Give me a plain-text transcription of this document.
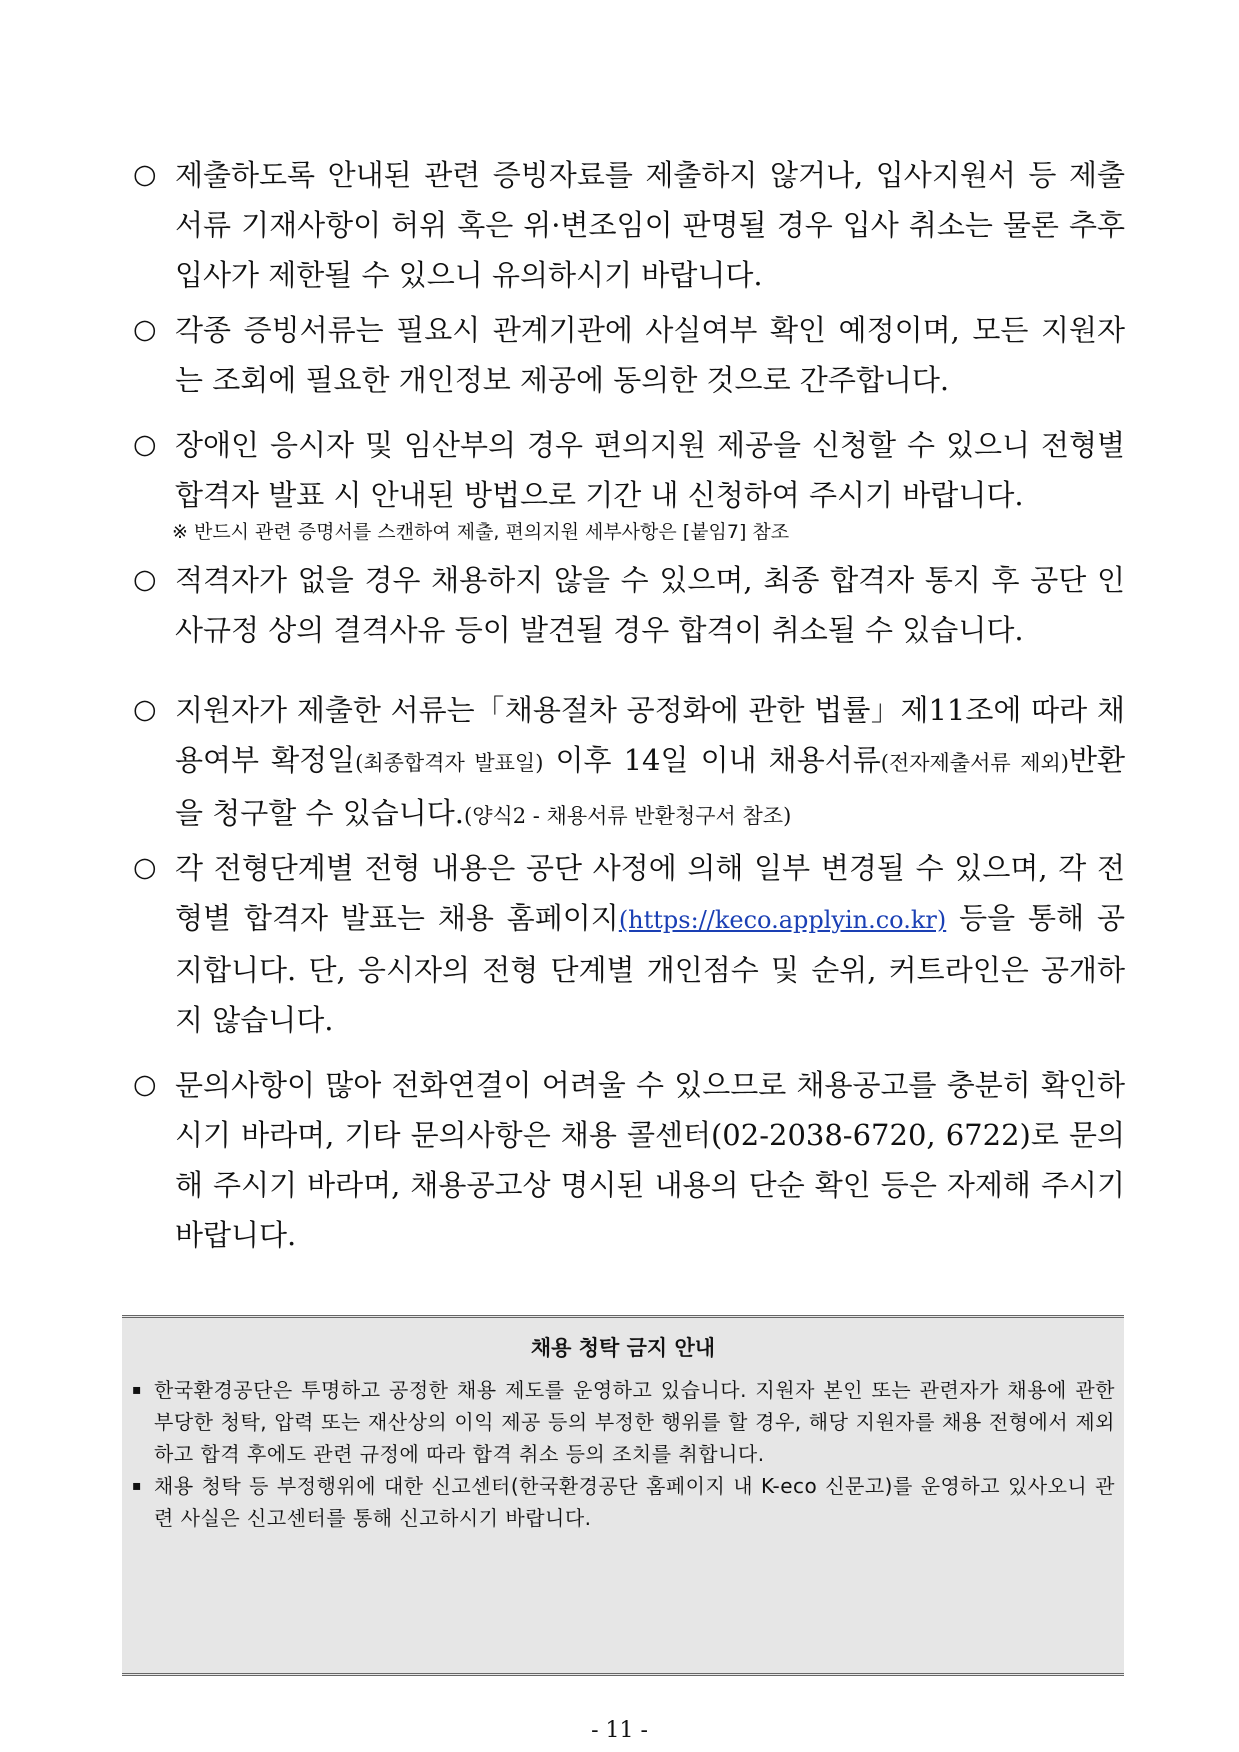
○ 제출하도록 안내된 관련 증빙자료를 제출하지 않거나, 입사지원서 등 제출서류 기재사항이 허위 혹은 위·변조임이 판명될 경우 입사 취소는 물론 추후 입사가 제한될 수 있으니 유의하시기 바랍니다.
○ 각종 증빙서류는 필요시 관계기관에 사실여부 확인 예정이며, 모든 지원자는 조회에 필요한 개인정보 제공에 동의한 것으로 간주합니다.
○ 장애인 응시자 및 임산부의 경우 편의지원 제공을 신청할 수 있으니 전형별 합격자 발표 시 안내된 방법으로 기간 내 신청하여 주시기 바랍니다.
○ 적격자가 없을 경우 채용하지 않을 수 있으며, 최종 합격자 통지 후 공단 인사규정 상의 결격사유 등이 발견될 경우 합격이 취소될 수 있습니다.
○ 지원자가 제출한 서류는「채용절차 공정화에 관한 법률」제11조에 따라 채용여부 확정일(최종합격자 발표일) 이후 14일 이내 채용서류(전자제출서류 제외)반환을 청구할 수 있습니다.(양식2 - 채용서류 반환청구서 참조)
○ 각 전형단계별 전형 내용은 공단 사정에 의해 일부 변경될 수 있으며, 각 전형별 합격자 발표는 채용 홈페이지(https://keco.applyin.co.kr) 등을 통해 공지합니다. 단, 응시자의 전형 단계별 개인점수 및 순위, 커트라인은 공개하지 않습니다.
○ 문의사항이 많아 전화연결이 어려울 수 있으므로 채용공고를 충분히 확인하시기 바라며, 기타 문의사항은 채용 콜센터(02-2038-6720, 6722)로 문의해 주시기 바라며, 채용공고상 명시된 내용의 단순 확인 등은 자제해 주시기 바랍니다.
※ 반드시 관련 증명서를 스캔하여 제출, 편의지원 세부사항은 [붙임7] 참조
채용 청탁 금지 안내
▪ 한국환경공단은 투명하고 공정한 채용 제도를 운영하고 있습니다. 지원자 본인 또는 관련자가 채용에 관한 부당한 청탁, 압력 또는 재산상의 이익 제공 등의 부정한 행위를 할 경우, 해당 지원자를 채용 전형에서 제외하고 합격 후에도 관련 규정에 따라 합격 취소 등의 조치를 취합니다.
▪ 채용 청탁 등 부정행위에 대한 신고센터(한국환경공단 홈페이지 내 K-eco 신문고)를 운영하고 있사오니 관련 사실은 신고센터를 통해 신고하시기 바랍니다.
- 11 -
